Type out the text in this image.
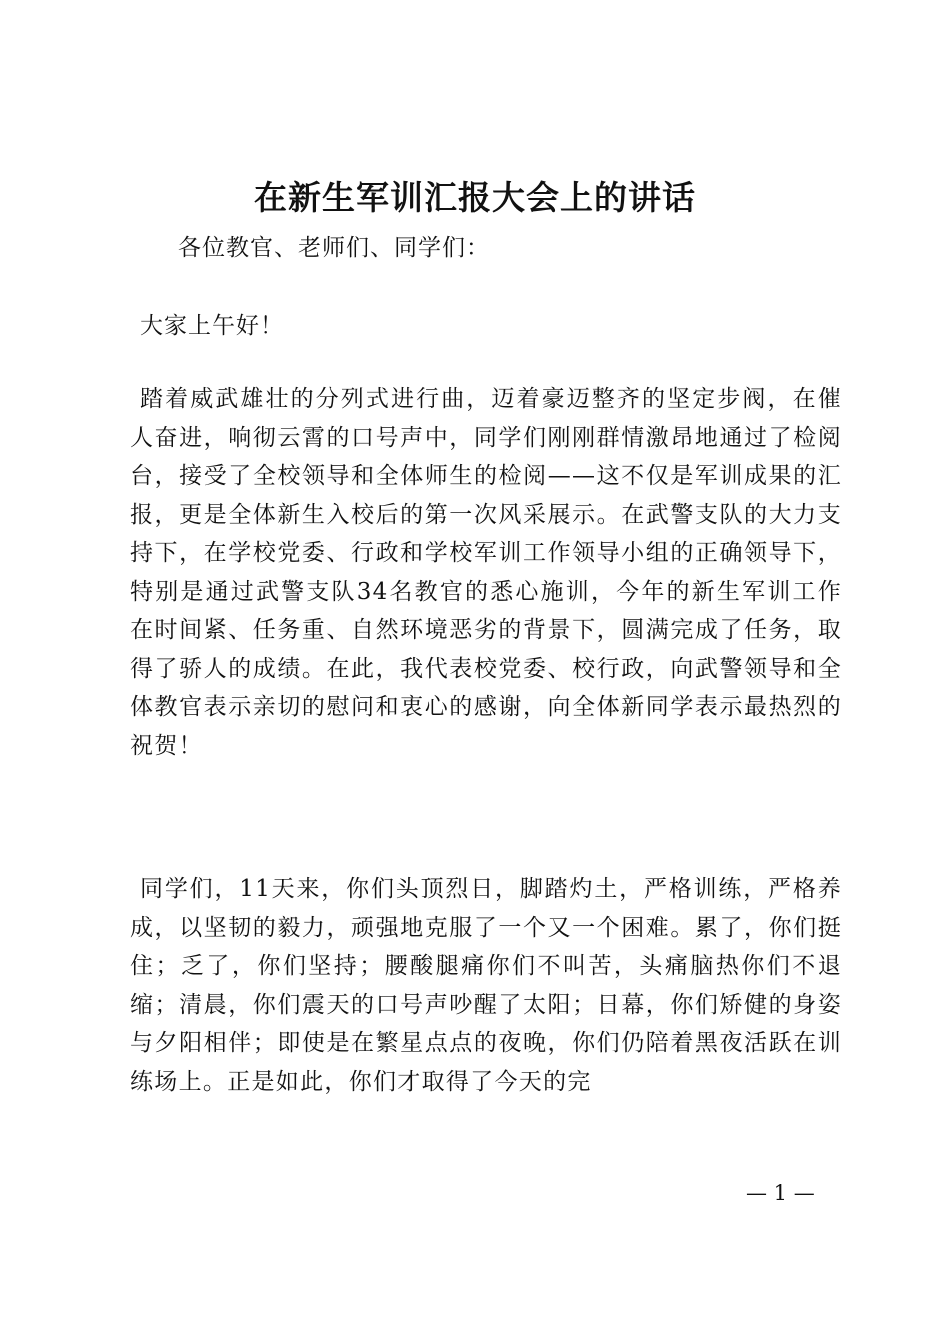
在新生军训汇报大会上的讲话

各位教官、老师们、同学们：

大家上午好！

踏着威武雄壮的分列式进行曲，迈着豪迈整齐的坚定步阀，在催人奋进，响彻云霄的口号声中，同学们刚刚群情激昂地通过了检阅台，接受了全校领导和全体师生的检阅——这不仅是军训成果的汇报，更是全体新生入校后的第一次风采展示。在武警支队的大力支持下，在学校党委、行政和学校军训工作领导小组的正确领导下，特别是通过武警支队34名教官的悉心施训，今年的新生军训工作在时间紧、任务重、自然环境恶劣的背景下，圆满完成了任务，取得了骄人的成绩。在此，我代表校党委、校行政，向武警领导和全体教官表示亲切的慰问和衷心的感谢，向全体新同学表示最热烈的祝贺！

同学们，11天来，你们头顶烈日，脚踏灼土，严格训练，严格养成，以坚韧的毅力，顽强地克服了一个又一个困难。累了，你们挺住；乏了，你们坚持；腰酸腿痛你们不叫苦，头痛脑热你们不退缩；清晨，你们震天的口号声吵醒了太阳；日幕，你们矫健的身姿与夕阳相伴；即使是在繁星点点的夜晚，你们仍陪着黑夜活跃在训练场上。正是如此，你们才取得了今天的完

— 1 —
